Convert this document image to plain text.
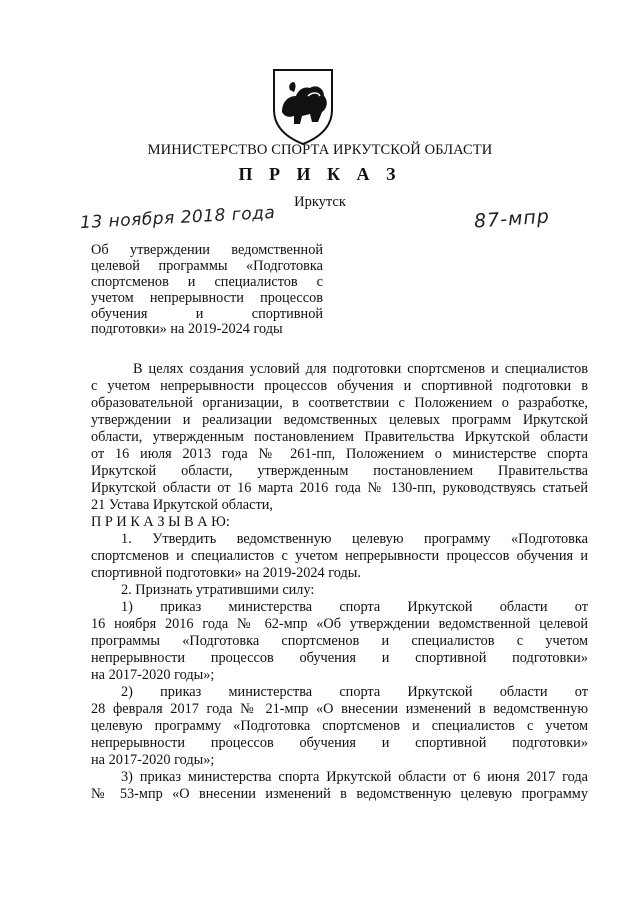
МИНИСТЕРСТВО СПОРТА ИРКУТСКОЙ ОБЛАСТИ
П Р И К А З
Иркутск
13 ноября 2018 года	87-мпр
Об утверждении ведомственной
целевой программы «Подготовка
спортсменов и специалистов с
учетом непрерывности процессов
обучения и спортивной
подготовки» на 2019-2024 годы
В целях создания условий для подготовки спортсменов и специалистов
с учетом непрерывности процессов обучения и спортивной подготовки в
образовательной организации, в соответствии с Положением о разработке,
утверждении и реализации ведомственных целевых программ Иркутской
области, утвержденным постановлением Правительства Иркутской области
от 16 июля 2013 года № 261-пп, Положением о министерстве спорта
Иркутской области, утвержденным постановлением Правительства
Иркутской области от 16 марта 2016 года № 130-пп, руководствуясь статьей
21 Устава Иркутской области,
П Р И К А З Ы В А Ю:
1. Утвердить ведомственную целевую программу «Подготовка
спортсменов и специалистов с учетом непрерывности процессов обучения и
спортивной подготовки» на 2019-2024 годы.
2. Признать утратившими силу:
1) приказ министерства спорта Иркутской области от
16 ноября 2016 года № 62-мпр «Об утверждении ведомственной целевой
программы «Подготовка спортсменов и специалистов с учетом
непрерывности процессов обучения и спортивной подготовки»
на 2017-2020 годы»;
2) приказ министерства спорта Иркутской области от
28 февраля 2017 года № 21-мпр «О внесении изменений в ведомственную
целевую программу «Подготовка спортсменов и специалистов с учетом
непрерывности процессов обучения и спортивной подготовки»
на 2017-2020 годы»;
3) приказ министерства спорта Иркутской области от 6 июня 2017 года
№ 53-мпр «О внесении изменений в ведомственную целевую программу
